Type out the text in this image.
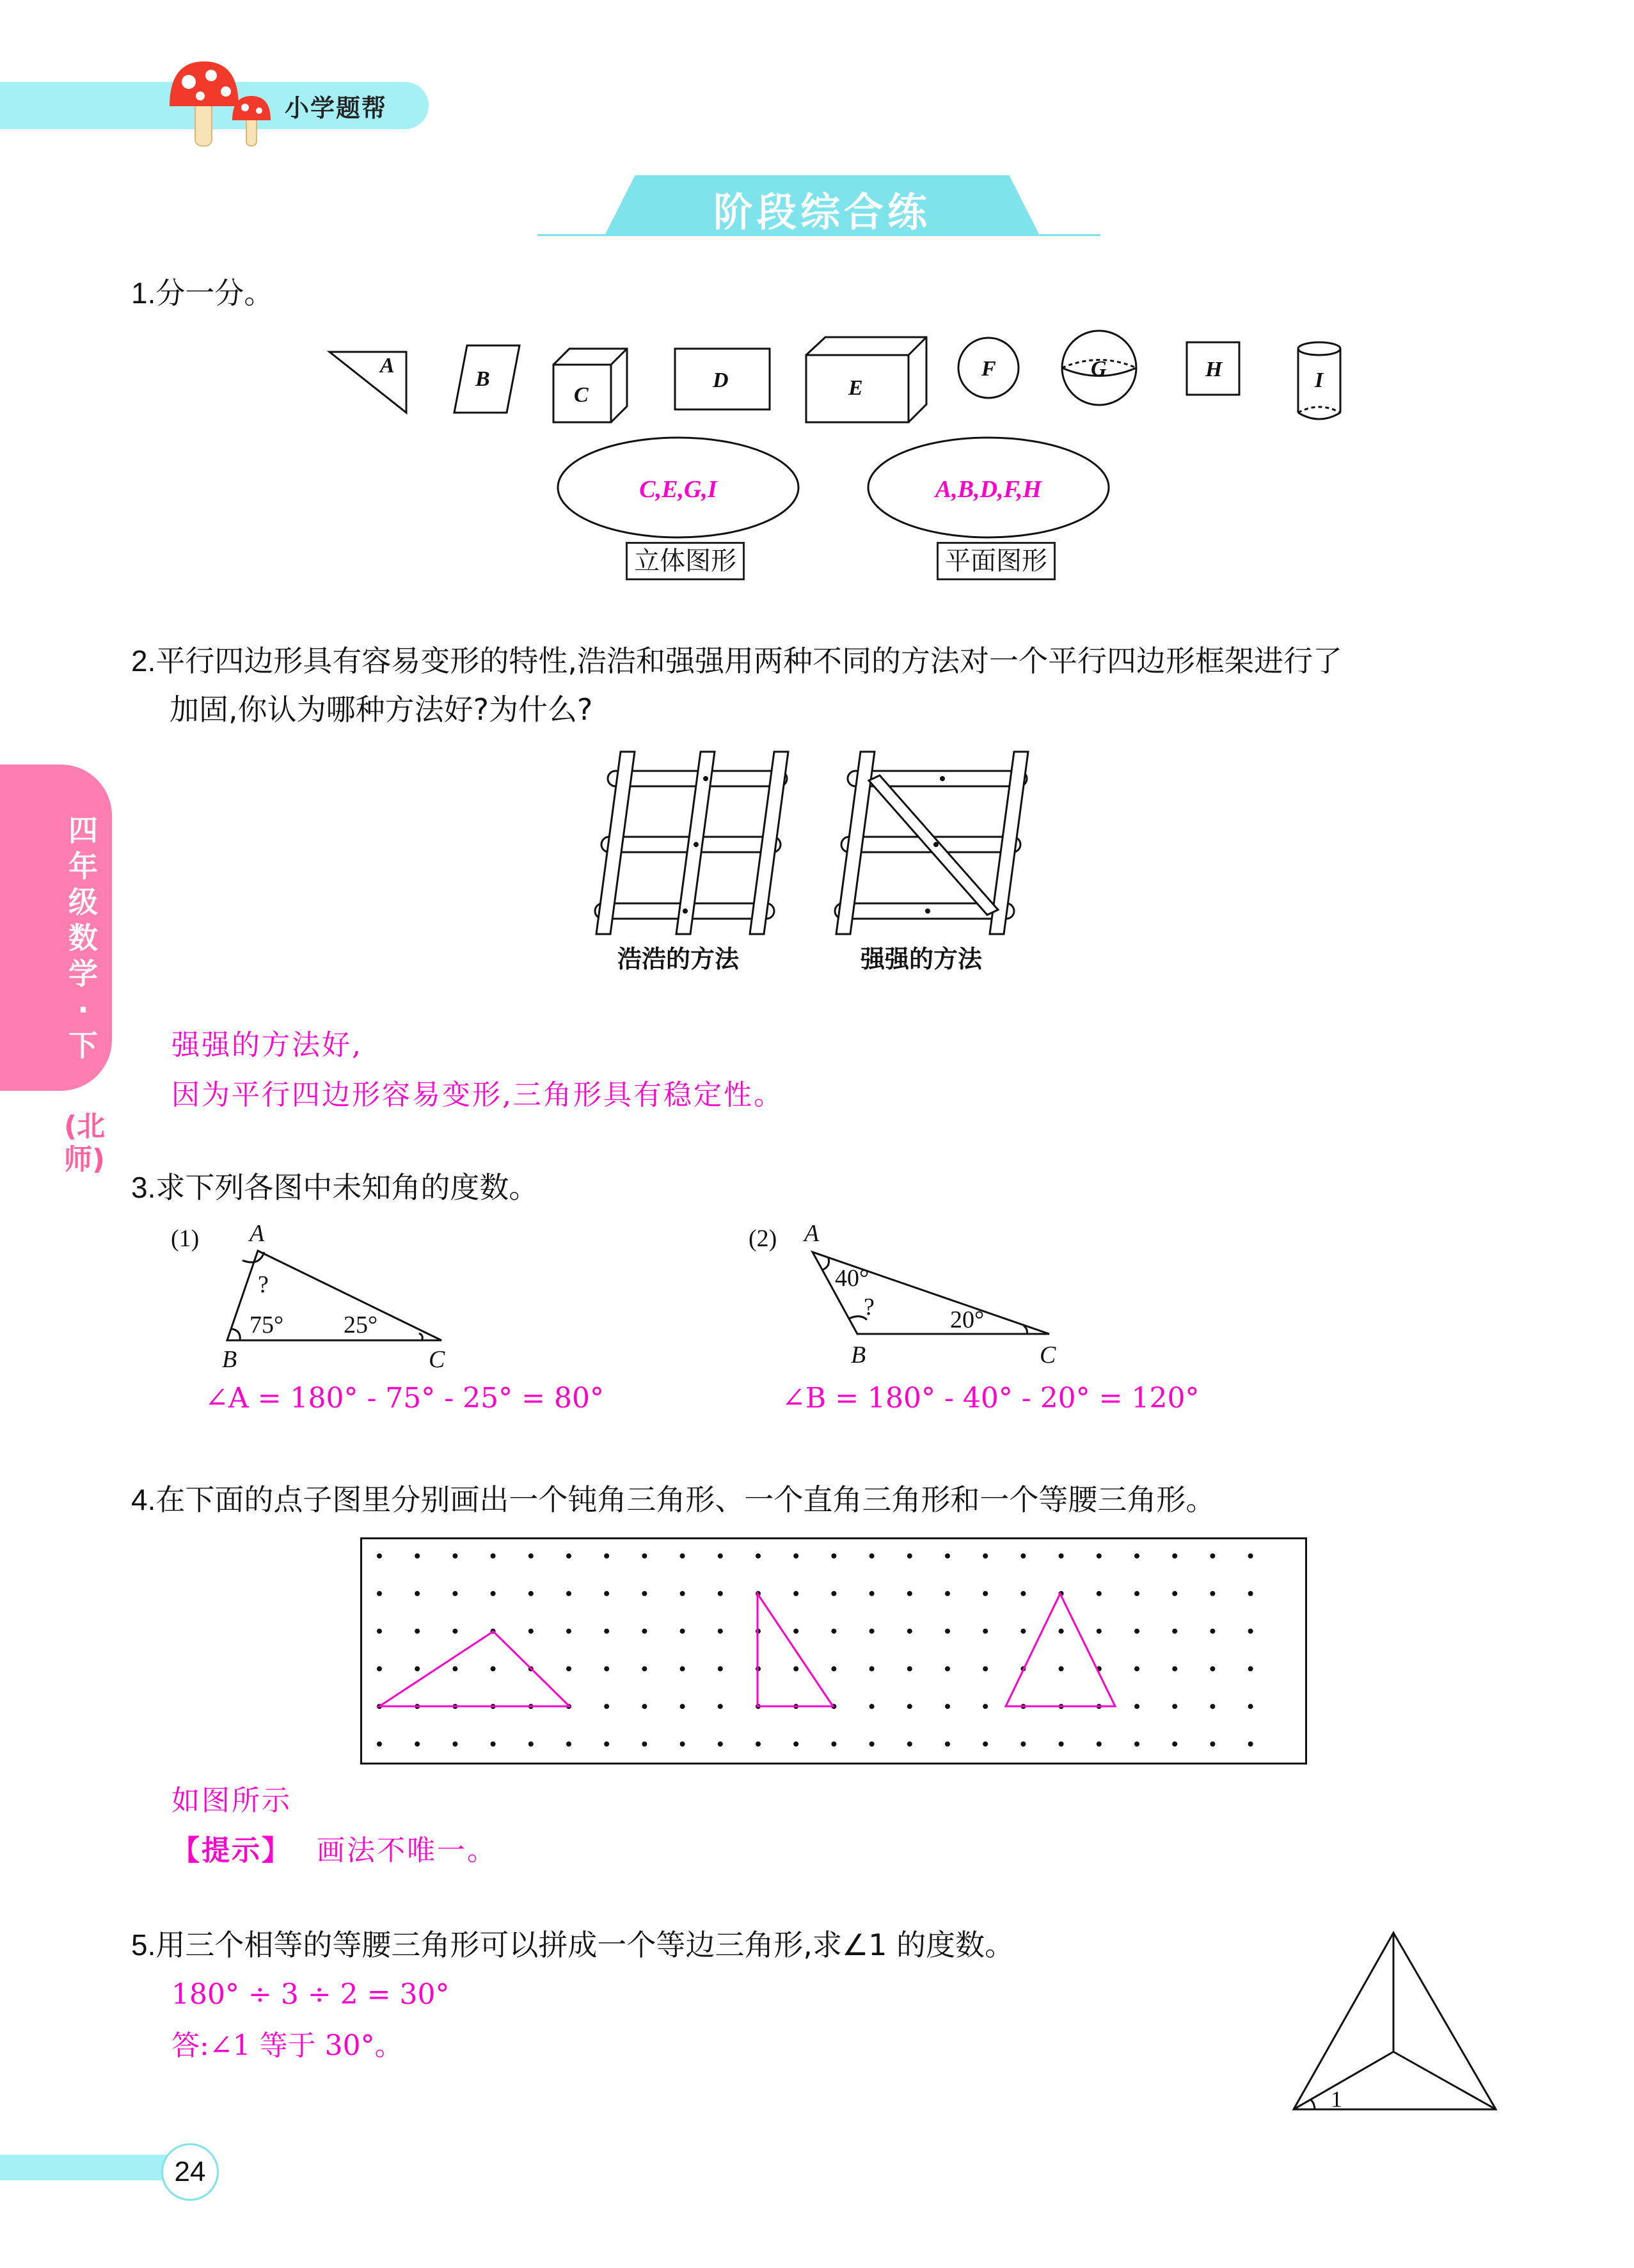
小学题帮
阶段综合练
四年级数学·下
(北师)
1.分一分。
A
B
C
D	E
F	G	H	I
C,E,G,I	A,B,D,F,H
立体图形	平面图形
2.平行四边形具有容易变形的特性,浩浩和强强用两种不同的方法对一个平行四边形框架进行了
加固,你认为哪种方法好?为什么?
浩浩的方法	强强的方法
强强的方法好,
因为平行四边形容易变形,三角形具有稳定性。
3.求下列各图中未知角的度数。
(1) A
?
75° 25°
B	C
(2) A
40°
?	20°
B	C
∠A = 180° - 75° - 25° = 80°	∠B = 180° - 40° - 20° = 120°
4.在下面的点子图里分别画出一个钝角三角形、一个直角三角形和一个等腰三角形。
如图所示
【提示】 画法不唯一。
5.用三个相等的等腰三角形可以拼成一个等边三角形,求∠1 的度数。
180° ÷ 3 ÷ 2 = 30°
答:∠1 等于 30°。
1
24
